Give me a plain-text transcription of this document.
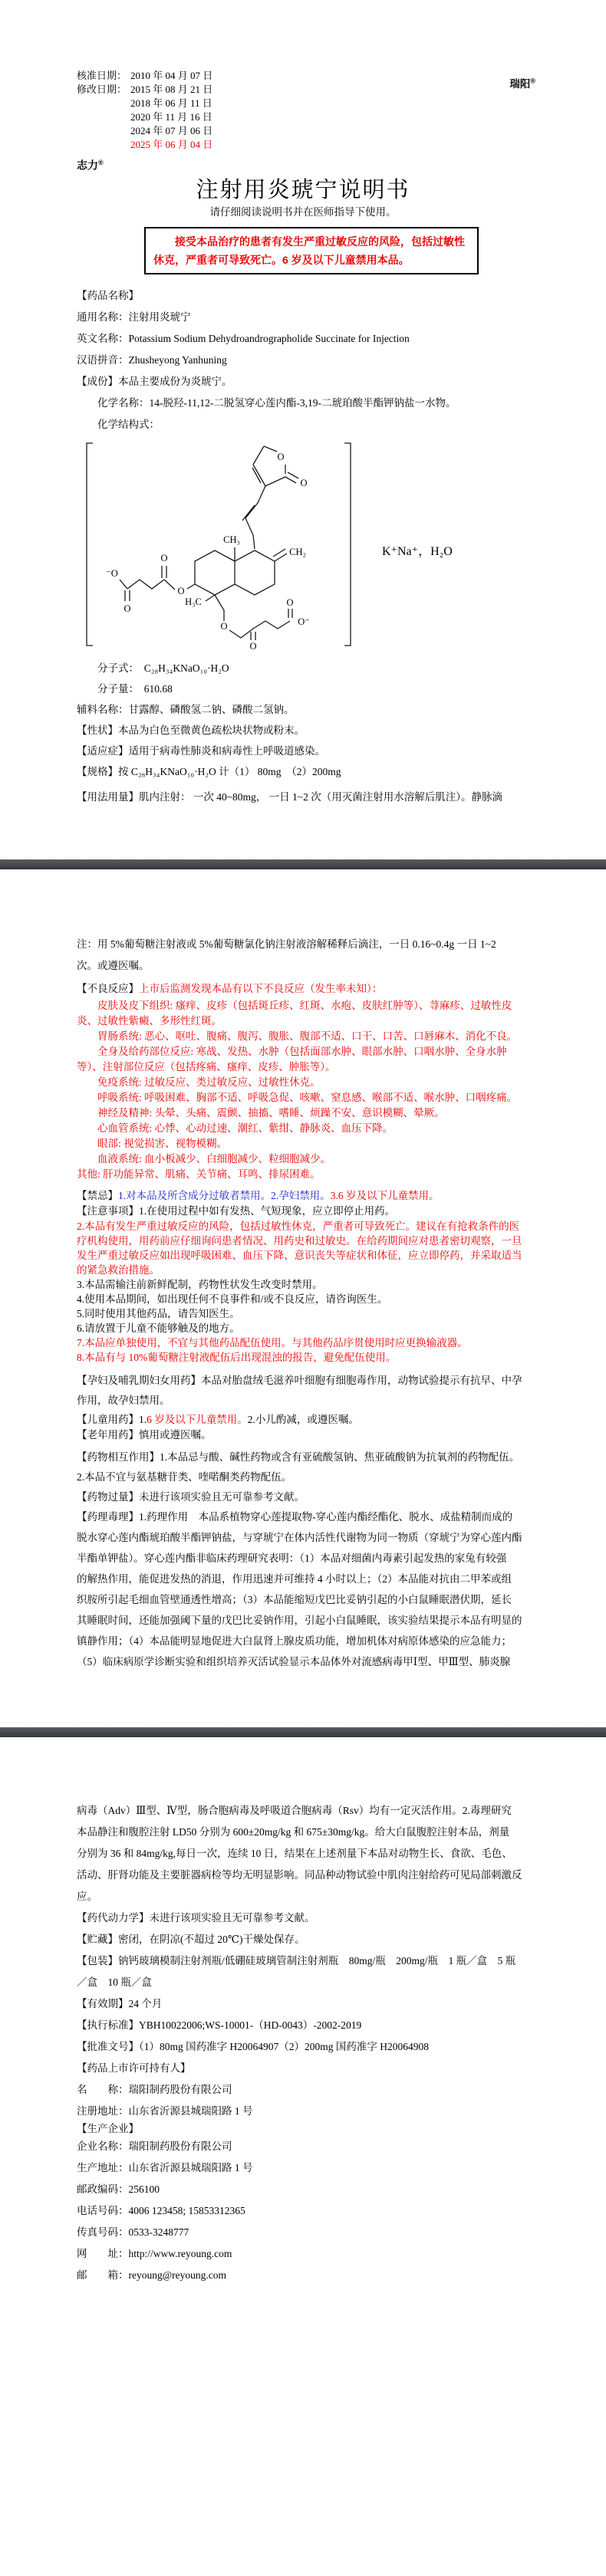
瑞阳®
核准日期： 2010 年 04 月 07 日
修改日期： 2015 年 08 月 21 日
2018 年 06 月 11 日
2020 年 11 月 16 日
2024 年 07 月 06 日
2025 年 06 月 04 日
志力®
注射用炎琥宁说明书
请仔细阅读说明书并在医师指导下使用。
接受本品治疗的患者有发生严重过敏反应的风险，包括过敏性休克，严重者可导致死亡。6 岁及以下儿童禁用本品。
【药品名称】
通用名称：注射用炎琥宁
英文名称：Potassium Sodium Dehydroandrographolide Succinate for Injection
汉语拼音：Zhusheyong Yanhuning
【成份】本品主要成份为炎琥宁。
化学名称：14-脱羟-11,12-二脱氢穿心莲内酯-3,19-二琥珀酸半酯钾钠盐一水物。
化学结构式：
O
O
CH₃
CH₂
H₃C
O
O
O
O⁻
O
O
O
⁻O
K⁺Na⁺，H₂O
分子式：　C₂₈H₃₄KNaO₁₀·H₂O
分子量：　610.68
辅料名称：甘露醇、磷酸氢二钠、磷酸二氢钠。
【性状】本品为白色至微黄色疏松块状物或粉末。
【适应症】适用于病毒性肺炎和病毒性上呼吸道感染。
【规格】按 C₂₈H₃₄KNaO₁₀·H₂O 计（1） 80mg　（2）200mg
【用法用量】肌内注射： 一次 40~80mg， 一日 1~2 次（用灭菌注射用水溶解后肌注）。静脉滴
注：用 5%葡萄糖注射液或 5%葡萄糖氯化钠注射液溶解稀释后滴注，一日 0.16~0.4g 一日 1~2
次。或遵医嘱。
【不良反应】上市后监测发现本品有以下不良反应（发生率未知）：
皮肤及皮下组织: 瘙痒、皮疹（包括斑丘疹、红斑、水疱、皮肤红肿等）、荨麻疹、过敏性皮
炎、过敏性紫癜、多形性红斑。
胃肠系统: 恶心、呕吐、腹痛、腹泻、腹胀、腹部不适、口干、口苦、口唇麻木、消化不良。
全身及给药部位反应: 寒战、发热、水肿（包括面部水肿、眼部水肿、口咽水肿、全身水肿
等）、注射部位反应（包括疼痛、瘙痒、皮疹、肿胀等）。
免疫系统: 过敏反应、类过敏反应、过敏性休克。
呼吸系统: 呼吸困难、胸部不适、呼吸急促、咳嗽、窒息感、喉部不适、喉水肿、口咽疼痛。
神经及精神: 头晕、头痛、震颤、抽搐、嗜睡、烦躁不安、意识模糊、晕厥。
心血管系统: 心悸、心动过速、潮红、紫绀、静脉炎、血压下降。
眼部: 视觉损害、视物模糊。
血液系统: 血小板减少、白细胞减少、粒细胞减少。
其他: 肝功能异常、肌痛、关节痛、耳鸣、排尿困难。
【禁忌】1.对本品及所含成分过敏者禁用。2.孕妇禁用。3.6 岁及以下儿童禁用。
【注意事项】1.在使用过程中如有发热、气短现象，应立即停止用药。
2.本品有发生严重过敏反应的风险，包括过敏性休克，严重者可导致死亡。建议在有抢救条件的医
疗机构使用，用药前应仔细询问患者情况、用药史和过敏史。在给药期间应对患者密切观察，一旦
发生严重过敏反应如出现呼吸困难、血压下降、意识丧失等症状和体征，应立即停药，并采取适当
的紧急救治措施。
3.本品需输注前新鲜配制，药物性状发生改变时禁用。
4.使用本品期间，如出现任何不良事件和/或不良反应，请咨询医生。
5.同时使用其他药品，请告知医生。
6.请放置于儿童不能够触及的地方。
7.本品应单独使用，不宜与其他药品配伍使用。与其他药品序贯使用时应更换输液器。
8.本品有与 10%葡萄糖注射液配伍后出现混浊的报告，避免配伍使用。
【孕妇及哺乳期妇女用药】本品对胎盘绒毛滋养叶细胞有细胞毒作用，动物试验提示有抗早、中孕
作用，故孕妇禁用。
【儿童用药】1.6 岁及以下儿童禁用。2.小儿酌减，或遵医嘱。
【老年用药】慎用或遵医嘱。
【药物相互作用】1.本品忌与酸、碱性药物或含有亚硫酸氢钠、焦亚硫酸钠为抗氧剂的药物配伍。
2.本品不宜与氨基糖苷类、喹喏酮类药物配伍。
【药物过量】未进行该项实验且无可靠参考文献。
【药理毒理】1.药理作用　本品系植物穿心莲提取物-穿心莲内酯经酯化、脱水、成盐精制而成的
脱水穿心莲内酯琥珀酸半酯钾钠盐，与穿琥宁在体内活性代谢物为同一物质（穿琥宁为穿心莲内酯
半酯单钾盐）。穿心莲内酯非临床药理研究表明：（1）本品对细菌内毒素引起发热的家兔有较强
的解热作用，能促进发热的消退，作用迅速并可维持 4 小时以上；（2）本品能对抗由二甲苯或组
织胺所引起毛细血管壁通透性增高；（3）本品能缩短戊巴比妥钠引起的小白鼠睡眠潜伏期，延长
其睡眠时间，还能加强阈下量的戊巴比妥钠作用，引起小白鼠睡眠，该实验结果提示本品有明显的
镇静作用；（4）本品能明显地促进大白鼠肾上腺皮质功能，增加机体对病原体感染的应急能力；
（5）临床病原学诊断实验和组织培养灭活试验显示本品体外对流感病毒甲Ⅰ型、甲Ⅲ型、肺炎腺
病毒（Adv）Ⅲ型、Ⅳ型，肠合胞病毒及呼吸道合胞病毒（Rsv）均有一定灭活作用。2.毒理研究
本品静注和腹腔注射 LD50 分别为 600±20mg/kg 和 675±30mg/kg。给大白鼠腹腔注射本品，剂量
分别为 36 和 84mg/kg,每日一次，连续 10 日，结果在上述剂量下本品对动物生长、食欲、毛色、
活动、肝肾功能及主要脏器病检等均无明显影响。同品种动物试验中肌肉注射给药可见局部刺激反
应。
【药代动力学】未进行该项实验且无可靠参考文献。
【贮藏】密闭，在阴凉(不超过 20℃)干燥处保存。
【包装】钠钙玻璃模制注射剂瓶/低硼硅玻璃管制注射剂瓶　80mg/瓶　200mg/瓶　1 瓶／盒　5 瓶
／盒　10 瓶／盒
【有效期】24 个月
【执行标准】YBH10022006;WS-10001-（HD-0043）-2002-2019
【批准文号】（1）80mg 国药准字 H20064907（2）200mg 国药准字 H20064908
【药品上市许可持有人】
名　　称：瑞阳制药股份有限公司
注册地址：山东省沂源县城瑞阳路 1 号
【生产企业】
企业名称：瑞阳制药股份有限公司
生产地址：山东省沂源县城瑞阳路 1 号
邮政编码：256100
电话号码：4006 123458; 15853312365
传真号码：0533-3248777
网　　址：http://www.reyoung.com
邮　　箱：reyoung@reyoung.com
